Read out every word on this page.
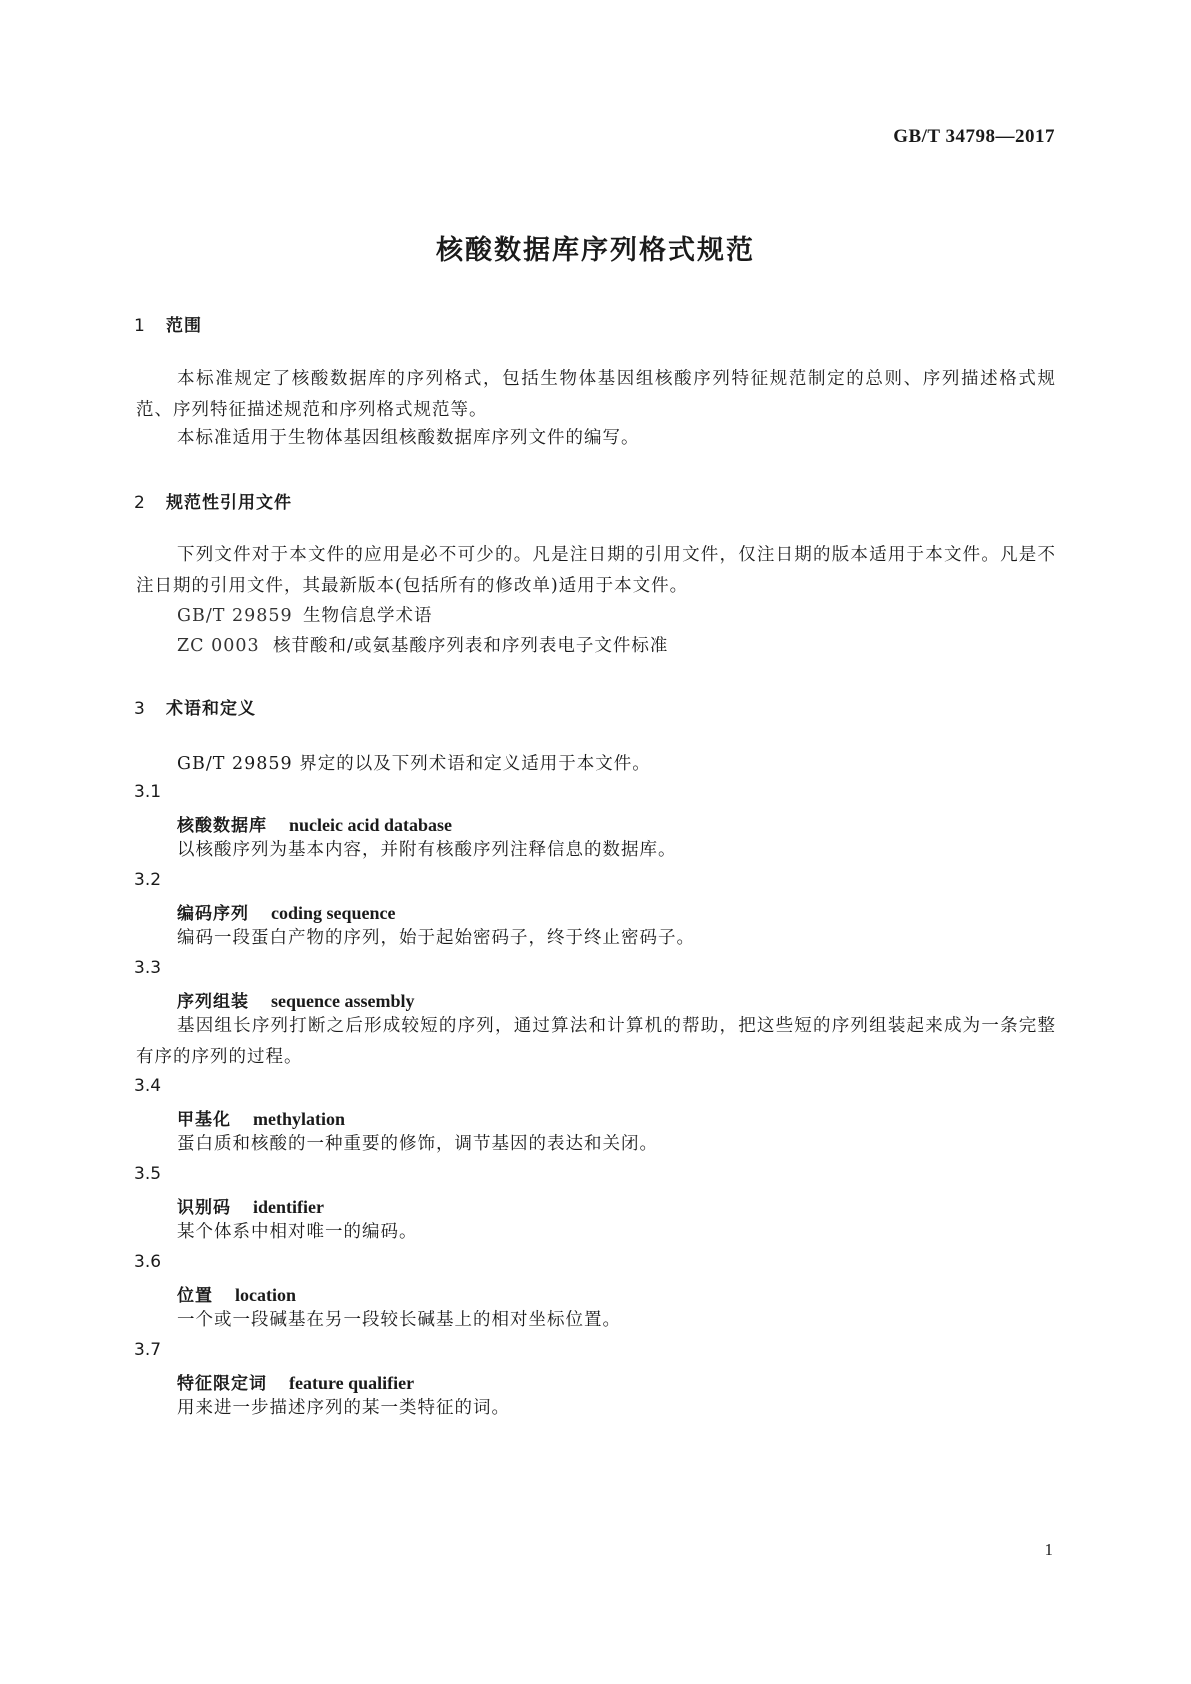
GB/T 34798—2017
核酸数据库序列格式规范
1 范围
本标准规定了核酸数据库的序列格式，包括生物体基因组核酸序列特征规范制定的总则、序列描述格式规范、序列特征描述规范和序列格式规范等。
本标准适用于生物体基因组核酸数据库序列文件的编写。
2 规范性引用文件
下列文件对于本文件的应用是必不可少的。凡是注日期的引用文件，仅注日期的版本适用于本文件。凡是不注日期的引用文件，其最新版本(包括所有的修改单)适用于本文件。
GB/T 29859 生物信息学术语
ZC 0003 核苷酸和/或氨基酸序列表和序列表电子文件标准
3 术语和定义
GB/T 29859 界定的以及下列术语和定义适用于本文件。
3.1
核酸数据库 nucleic acid database
以核酸序列为基本内容，并附有核酸序列注释信息的数据库。
3.2
编码序列 coding sequence
编码一段蛋白产物的序列，始于起始密码子，终于终止密码子。
3.3
序列组装 sequence assembly
基因组长序列打断之后形成较短的序列，通过算法和计算机的帮助，把这些短的序列组装起来成为一条完整有序的序列的过程。
3.4
甲基化 methylation
蛋白质和核酸的一种重要的修饰，调节基因的表达和关闭。
3.5
识别码 identifier
某个体系中相对唯一的编码。
3.6
位置 location
一个或一段碱基在另一段较长碱基上的相对坐标位置。
3.7
特征限定词 feature qualifier
用来进一步描述序列的某一类特征的词。
1
